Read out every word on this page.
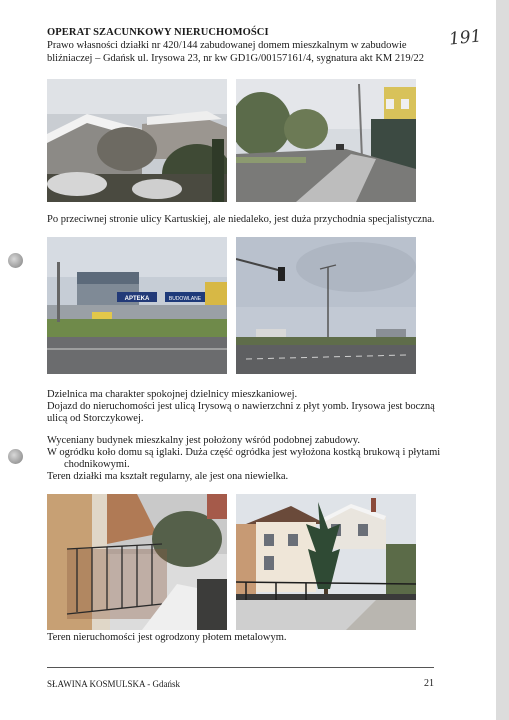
OPERAT SZACUNKOWY NIERUCHOMOŚCI
Prawo własności działki nr 420/144 zabudowanej domem mieszkalnym w zabudowie
bliźniaczej – Gdańsk ul. Irysowa 23, nr kw GD1G/00157161/4, sygnatura akt KM 219/22
191
Po przeciwnej stronie ulicy Kartuskiej, ale niedaleko, jest duża przychodnia specjalistyczna.
APTEKA	BUDOWLANE
Dzielnica ma charakter spokojnej dzielnicy mieszkaniowej.
Dojazd do nieruchomości jest ulicą Irysową o nawierzchni z płyt yomb. Irysowa jest boczną
ulicą od Storczykowej.
Wyceniany budynek mieszkalny jest położony wśród podobnej zabudowy.
W ogródku koło domu są iglaki. Duża część ogródka jest wyłożona kostką brukową i płytami
chodnikowymi.
Teren działki ma kształt regularny, ale jest ona niewielka.
Teren nieruchomości jest ogrodzony płotem metalowym.
SŁAWINA KOSMULSKA - Gdańsk	21
